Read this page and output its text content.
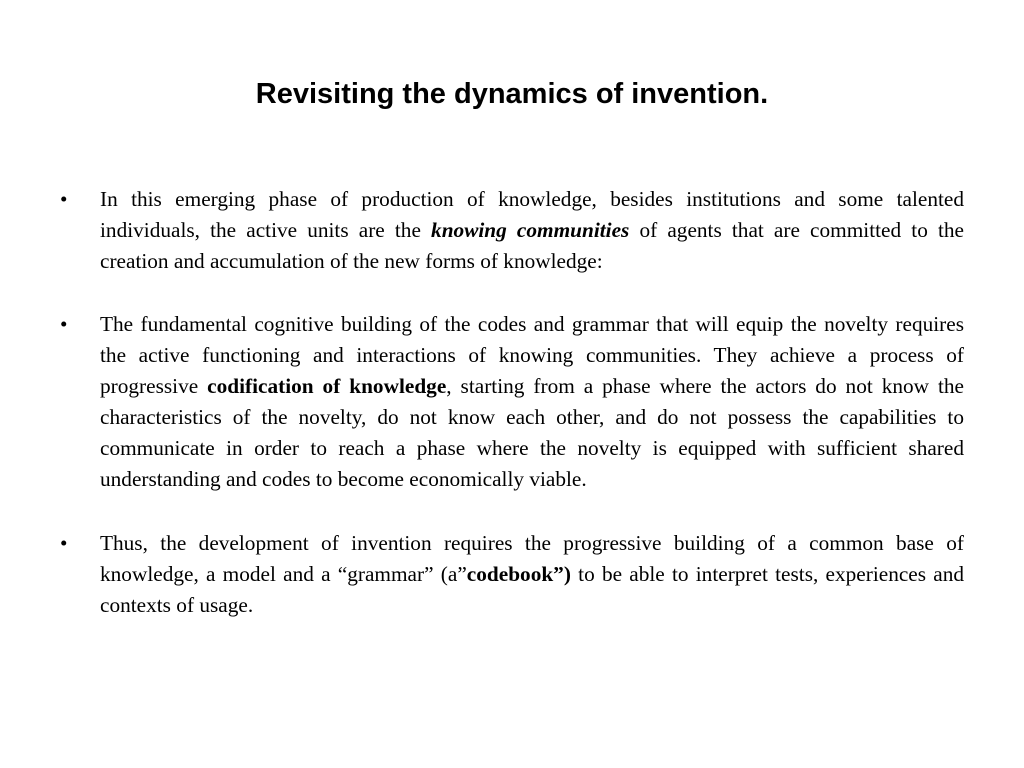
Revisiting the dynamics of invention.
• In this emerging phase of production of knowledge, besides institutions and some talented individuals, the active units are the knowing communities of agents that are committed to the creation and accumulation of the new forms of knowledge:
• The fundamental cognitive building of the codes and grammar that will equip the novelty requires the active functioning and interactions of knowing communities. They achieve a process of progressive codification of knowledge, starting from a phase where the actors do not know the characteristics of the novelty, do not know each other, and do not possess the capabilities to communicate in order to reach a phase where the novelty is equipped with sufficient shared understanding and codes to become economically viable.
• Thus, the development of invention requires the progressive building of a common base of knowledge, a model and a “grammar” (a”codebook”) to be able to interpret tests, experiences and contexts of usage.
